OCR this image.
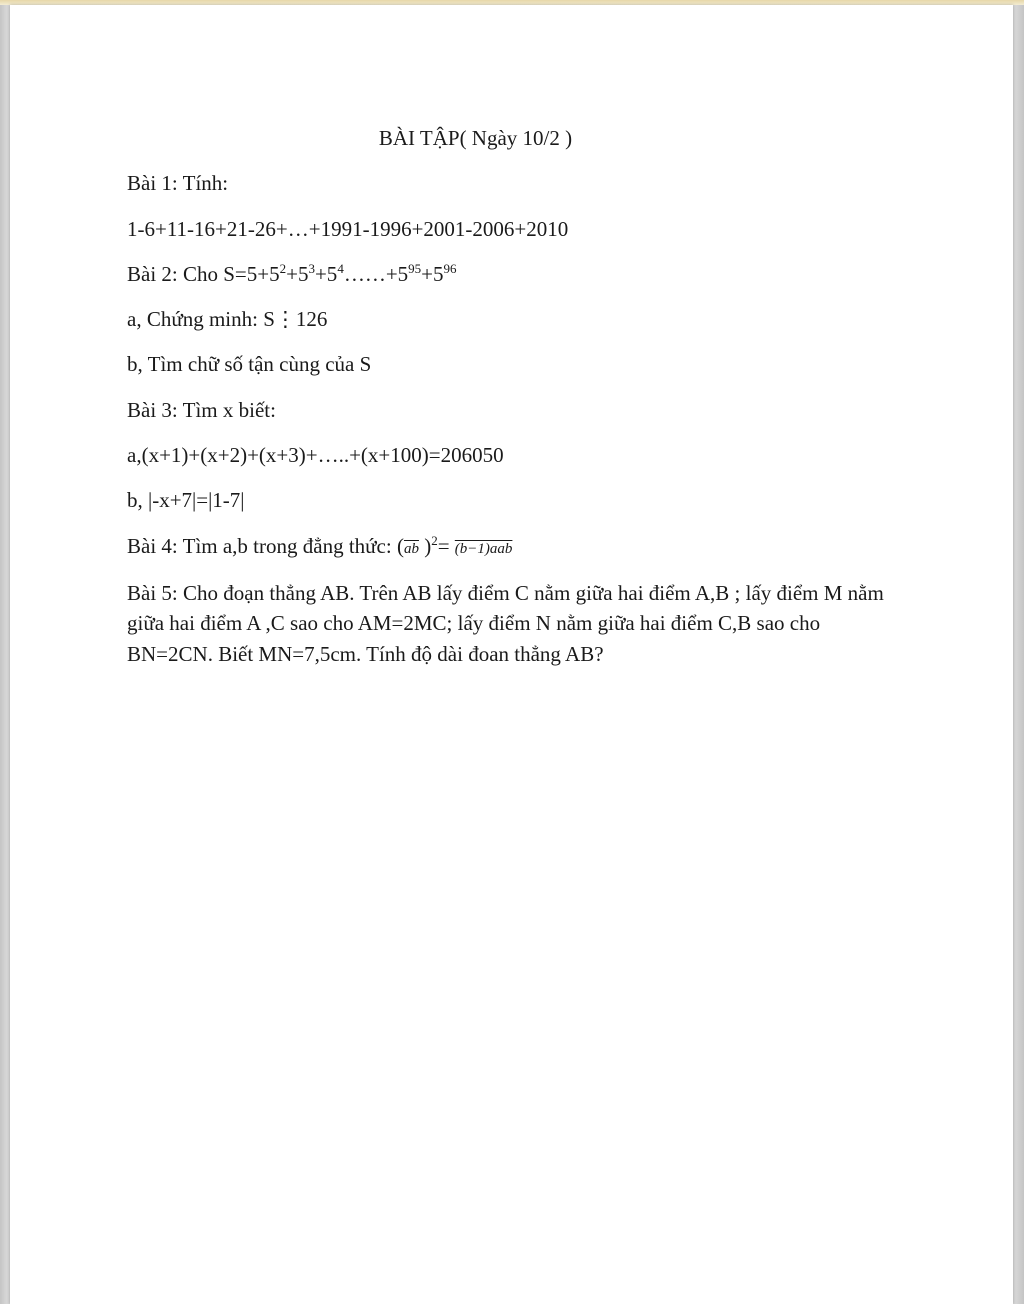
BÀI TẬP( Ngày 10/2 )
Bài 1: Tính:
1-6+11-16+21-26+…+1991-1996+2001-2006+2010
Bài 2: Cho $S=5+5^2+5^3+5^4\dots\dots+5^{95}+5^{96}$
a, Chứng minh: S⋮126
b, Tìm chữ số tận cùng của S
Bài 3: Tìm x biết:
a,(x+1)+(x+2)+(x+3)+…..+(x+100)=206050
b, |-x+7|=|1-7|
Bài 4: Tìm a,b trong đẳng thức: ($\overline{ab}$ )$^2$= (b−1)aab
Bài 5: Cho đoạn thẳng AB. Trên AB lấy điểm C nằm giữa hai điểm A,B ; lấy điểm M nằm giữa hai điểm A ,C sao cho AM=2MC; lấy điểm N nằm giữa hai điểm C,B sao cho BN=2CN. Biết MN=7,5cm. Tính độ dài đoan thẳng AB?
